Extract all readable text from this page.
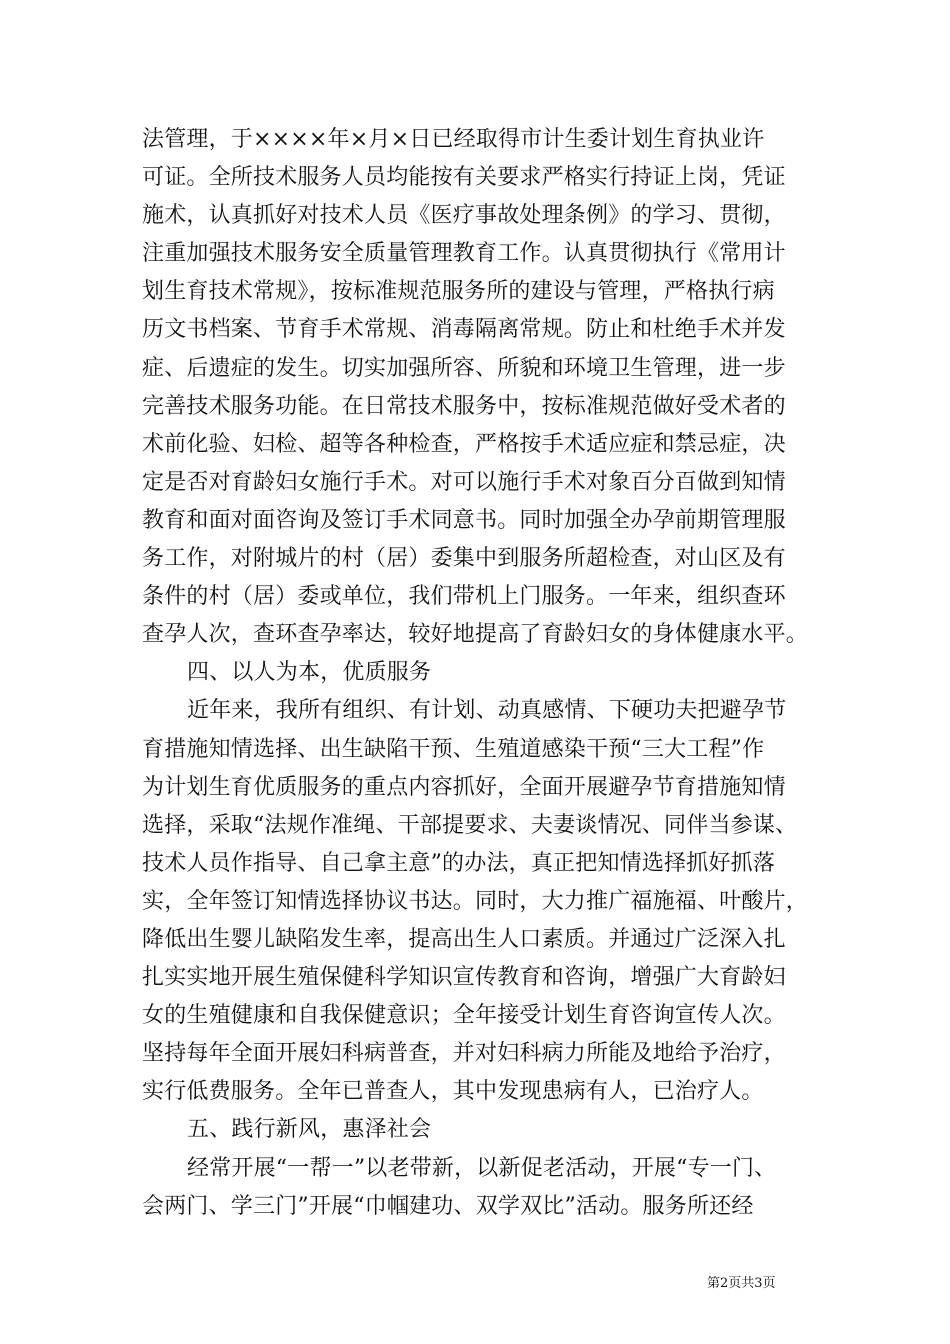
法管理，于××××年×月×日已经取得市计生委计划生育执业许
可证。全所技术服务人员均能按有关要求严格实行持证上岗，凭证
施术，认真抓好对技术人员《医疗事故处理条例》的学习、贯彻，
注重加强技术服务安全质量管理教育工作。认真贯彻执行《常用计
划生育技术常规》，按标准规范服务所的建设与管理，严格执行病
历文书档案、节育手术常规、消毒隔离常规。防止和杜绝手术并发
症、后遗症的发生。切实加强所容、所貌和环境卫生管理，进一步
完善技术服务功能。在日常技术服务中，按标准规范做好受术者的
术前化验、妇检、超等各种检查，严格按手术适应症和禁忌症，决
定是否对育龄妇女施行手术。对可以施行手术对象百分百做到知情
教育和面对面咨询及签订手术同意书。同时加强全办孕前期管理服
务工作，对附城片的村（居）委集中到服务所超检查，对山区及有
条件的村（居）委或单位，我们带机上门服务。一年来，组织查环
查孕人次，查环查孕率达，较好地提高了育龄妇女的身体健康水平。
四、以人为本，优质服务
近年来，我所有组织、有计划、动真感情、下硬功夫把避孕节
育措施知情选择、出生缺陷干预、生殖道感染干预“三大工程”作
为计划生育优质服务的重点内容抓好，全面开展避孕节育措施知情
选择，采取“法规作准绳、干部提要求、夫妻谈情况、同伴当参谋、
技术人员作指导、自己拿主意”的办法，真正把知情选择抓好抓落
实，全年签订知情选择协议书达。同时，大力推广福施福、叶酸片，
降低出生婴儿缺陷发生率，提高出生人口素质。并通过广泛深入扎
扎实实地开展生殖保健科学知识宣传教育和咨询，增强广大育龄妇
女的生殖健康和自我保健意识；全年接受计划生育咨询宣传人次。
坚持每年全面开展妇科病普查，并对妇科病力所能及地给予治疗，
实行低费服务。全年已普查人，其中发现患病有人，已治疗人。
五、践行新风，惠泽社会
经常开展“一帮一”以老带新，以新促老活动，开展“专一门、
会两门、学三门”开展“巾帼建功、双学双比”活动。服务所还经
第2页共3页
